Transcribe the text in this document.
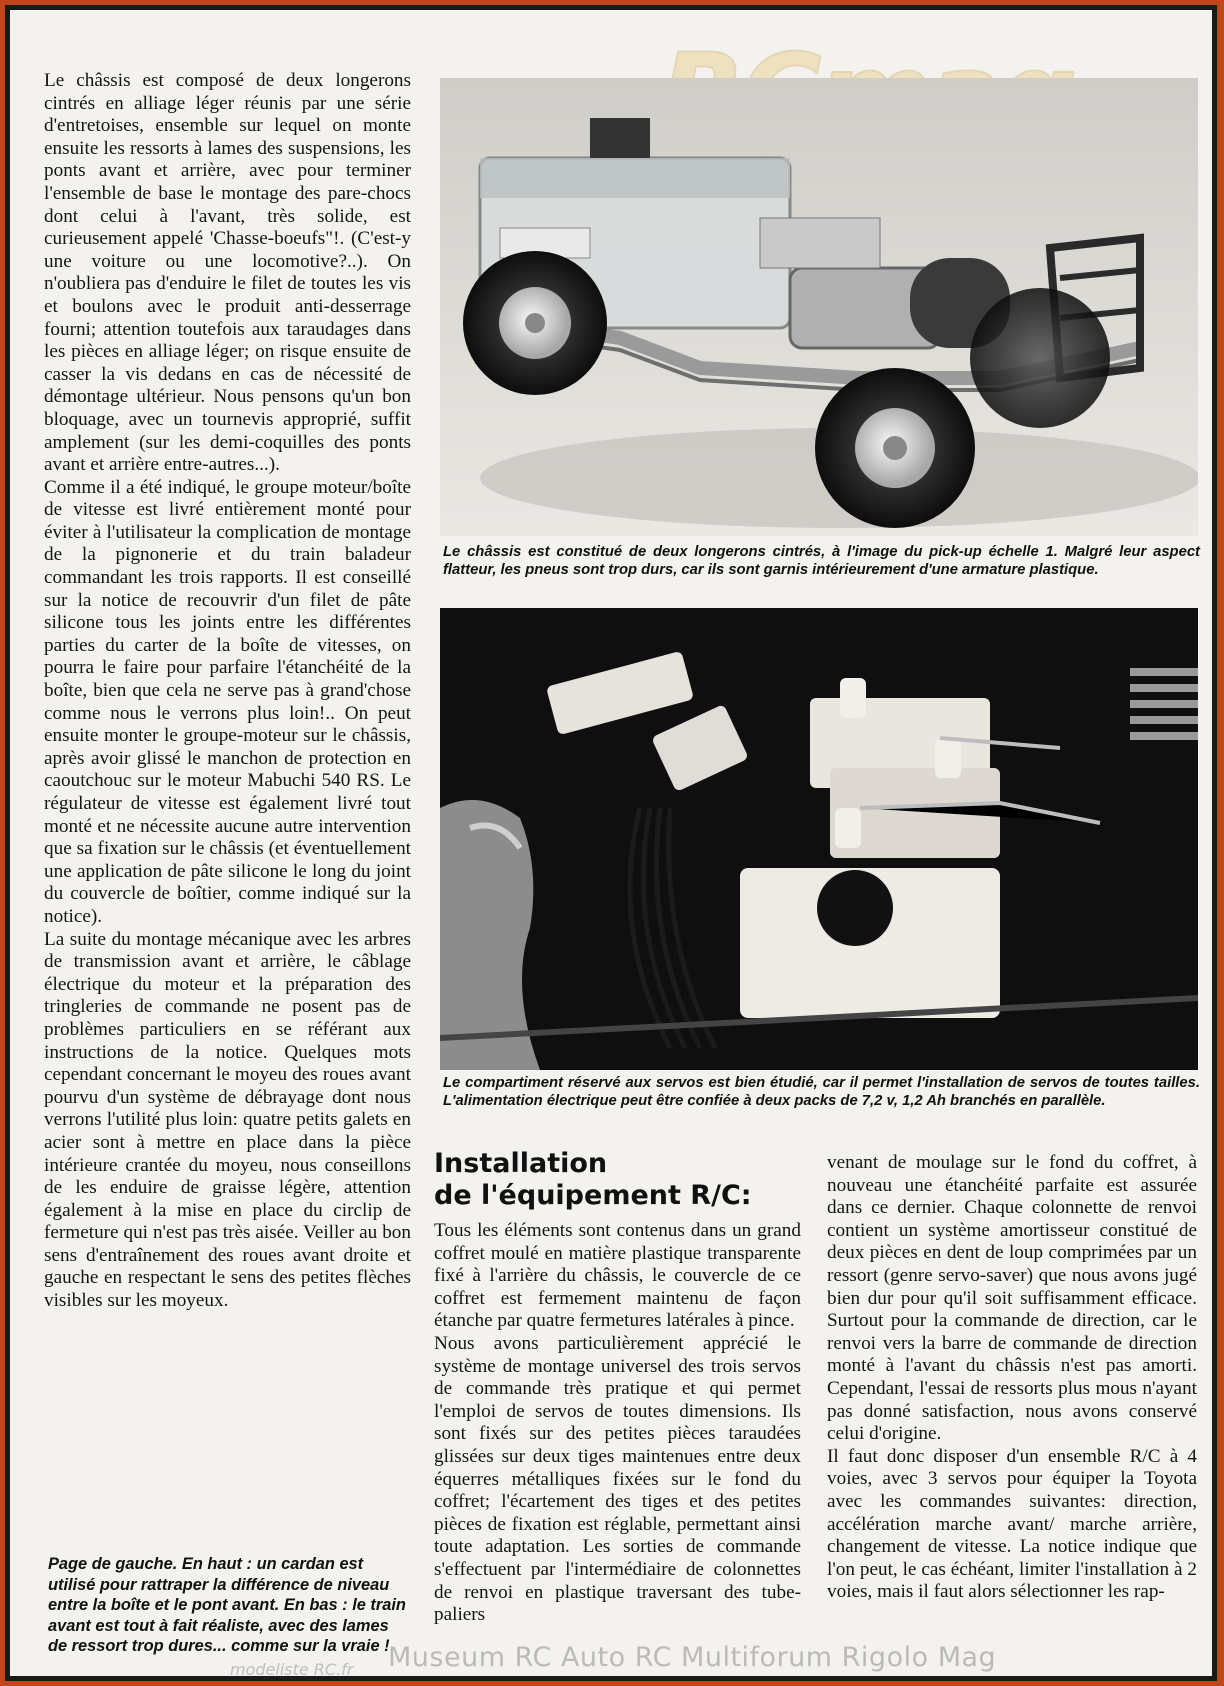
Le châssis est composé de deux longerons cintrés en alliage léger réunis par une série d'entretoises, ensemble sur lequel on monte ensuite les ressorts à lames des suspensions, les ponts avant et arrière, avec pour terminer l'ensemble de base le montage des pare-chocs dont celui à l'avant, très solide, est curieusement appelé 'Chasse-boeufs"!. (C'est-y une voiture ou une locomotive?..). On n'oubliera pas d'enduire le filet de toutes les vis et boulons avec le produit anti-desserrage fourni; attention toutefois aux taraudages dans les pièces en alliage léger; on risque ensuite de casser la vis dedans en cas de nécessité de démontage ultérieur. Nous pensons qu'un bon bloquage, avec un tournevis approprié, suffit amplement (sur les demi-coquilles des ponts avant et arrière entre-autres...).

Comme il a été indiqué, le groupe moteur/boîte de vitesse est livré entièrement monté pour éviter à l'utilisateur la complication de montage de la pignonerie et du train baladeur commandant les trois rapports. Il est conseillé sur la notice de recouvrir d'un filet de pâte silicone tous les joints entre les différentes parties du carter de la boîte de vitesses, on pourra le faire pour parfaire l'étanchéité de la boîte, bien que cela ne serve pas à grand'chose comme nous le verrons plus loin!.. On peut ensuite monter le groupe-moteur sur le châssis, après avoir glissé le manchon de protection en caoutchouc sur le moteur Mabuchi 540 RS. Le régulateur de vitesse est également livré tout monté et ne nécessite aucune autre intervention que sa fixation sur le châssis (et éventuellement une application de pâte silicone le long du joint du couvercle de boîtier, comme indiqué sur la notice).

La suite du montage mécanique avec les arbres de transmission avant et arrière, le câblage électrique du moteur et la préparation des tringleries de commande ne posent pas de problèmes particuliers en se référant aux instructions de la notice. Quelques mots cependant concernant le moyeu des roues avant pourvu d'un système de débrayage dont nous verrons l'utilité plus loin: quatre petits galets en acier sont à mettre en place dans la pièce intérieure crantée du moyeu, nous conseillons de les enduire de graisse légère, attention également à la mise en place du circlip de fermeture qui n'est pas très aisée. Veiller au bon sens d'entraînement des roues avant droite et gauche en respectant le sens des petites flèches visibles sur les moyeux.

Le châssis est constitué de deux longerons cintrés, à l'image du pick-up échelle 1. Malgré leur aspect flatteur, les pneus sont trop durs, car ils sont garnis intérieurement d'une armature plastique.
Le compartiment réservé aux servos est bien étudié, car il permet l'installation de servos de toutes tailles. L'alimentation électrique peut être confiée à deux packs de 7,2 v, 1,2 Ah branchés en parallèle.
Installation
de l'équipement R/C:

Tous les éléments sont contenus dans un grand coffret moulé en matière plastique transparente fixé à l'arrière du châssis, le couvercle de ce coffret est fermement maintenu de façon étanche par quatre fermetures latérales à pince.

Nous avons particulièrement apprécié le système de montage universel des trois servos de commande très pratique et qui permet l'emploi de servos de toutes dimensions. Ils sont fixés sur des petites pièces taraudées glissées sur deux tiges maintenues entre deux équerres métalliques fixées sur le fond du coffret; l'écartement des tiges et des petites pièces de fixation est réglable, permettant ainsi toute adaptation. Les sorties de commande s'effectuent par l'intermédiaire de colonnettes de renvoi en plastique traversant des tube-paliers

venant de moulage sur le fond du coffret, à nouveau une étanchéité parfaite est assurée dans ce dernier. Chaque colonnette de renvoi contient un système amortisseur constitué de deux pièces en dent de loup comprimées par un ressort (genre servo-saver) que nous avons jugé bien dur pour qu'il soit suffisamment efficace. Surtout pour la commande de direction, car le renvoi vers la barre de commande de direction monté à l'avant du châssis n'est pas amorti. Cependant, l'essai de ressorts plus mous n'ayant pas donné satisfaction, nous avons conservé celui d'origine.

Il faut donc disposer d'un ensemble R/C à 4 voies, avec 3 servos pour équiper la Toyota avec les commandes suivantes: direction, accélération marche avant/ marche arrière, changement de vitesse. La notice indique que l'on peut, le cas échéant, limiter l'installation à 2 voies, mais il faut alors sélectionner les rap-

Page de gauche. En haut : un cardan est utilisé pour rattraper la différence de niveau entre la boîte et le pont avant. En bas : le train avant est tout à fait réaliste, avec des lames de ressort trop dures... comme sur la vraie !
Museum RC Auto RC Multiforum Rigolo Mag
modeliste RC.fr
